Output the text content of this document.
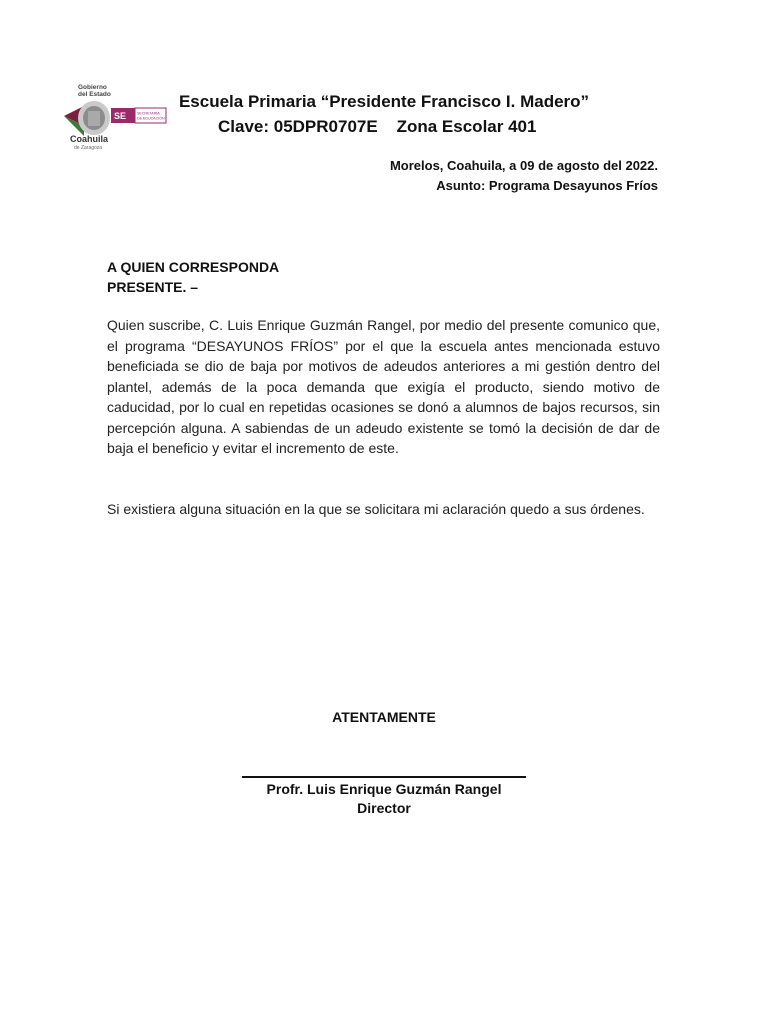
SE	SECRETARÍA
DE EDUCACIÓN
Gobierno
del Estado
Coahuila
de Zaragoza
Escuela Primaria “Presidente Francisco I. Madero”
Clave: 05DPR0707E    Zona Escolar 401
Morelos, Coahuila, a 09 de agosto del 2022.
Asunto: Programa Desayunos Fríos
A QUIEN CORRESPONDA
PRESENTE. –
Quien suscribe, C. Luis Enrique Guzmán Rangel, por medio del presente comunico que, el programa “DESAYUNOS FRÍOS” por el que la escuela antes mencionada estuvo beneficiada se dio de baja por motivos de adeudos anteriores a mi gestión dentro del plantel, además de la poca demanda que exigía el producto, siendo motivo de caducidad, por lo cual en repetidas ocasiones se donó a alumnos de bajos recursos, sin percepción alguna. A sabiendas de un adeudo existente se tomó la decisión de dar de baja el beneficio y evitar el incremento de este.
Si existiera alguna situación en la que se solicitara mi aclaración quedo a sus órdenes.
ATENTAMENTE
Profr. Luis Enrique Guzmán Rangel
Director
